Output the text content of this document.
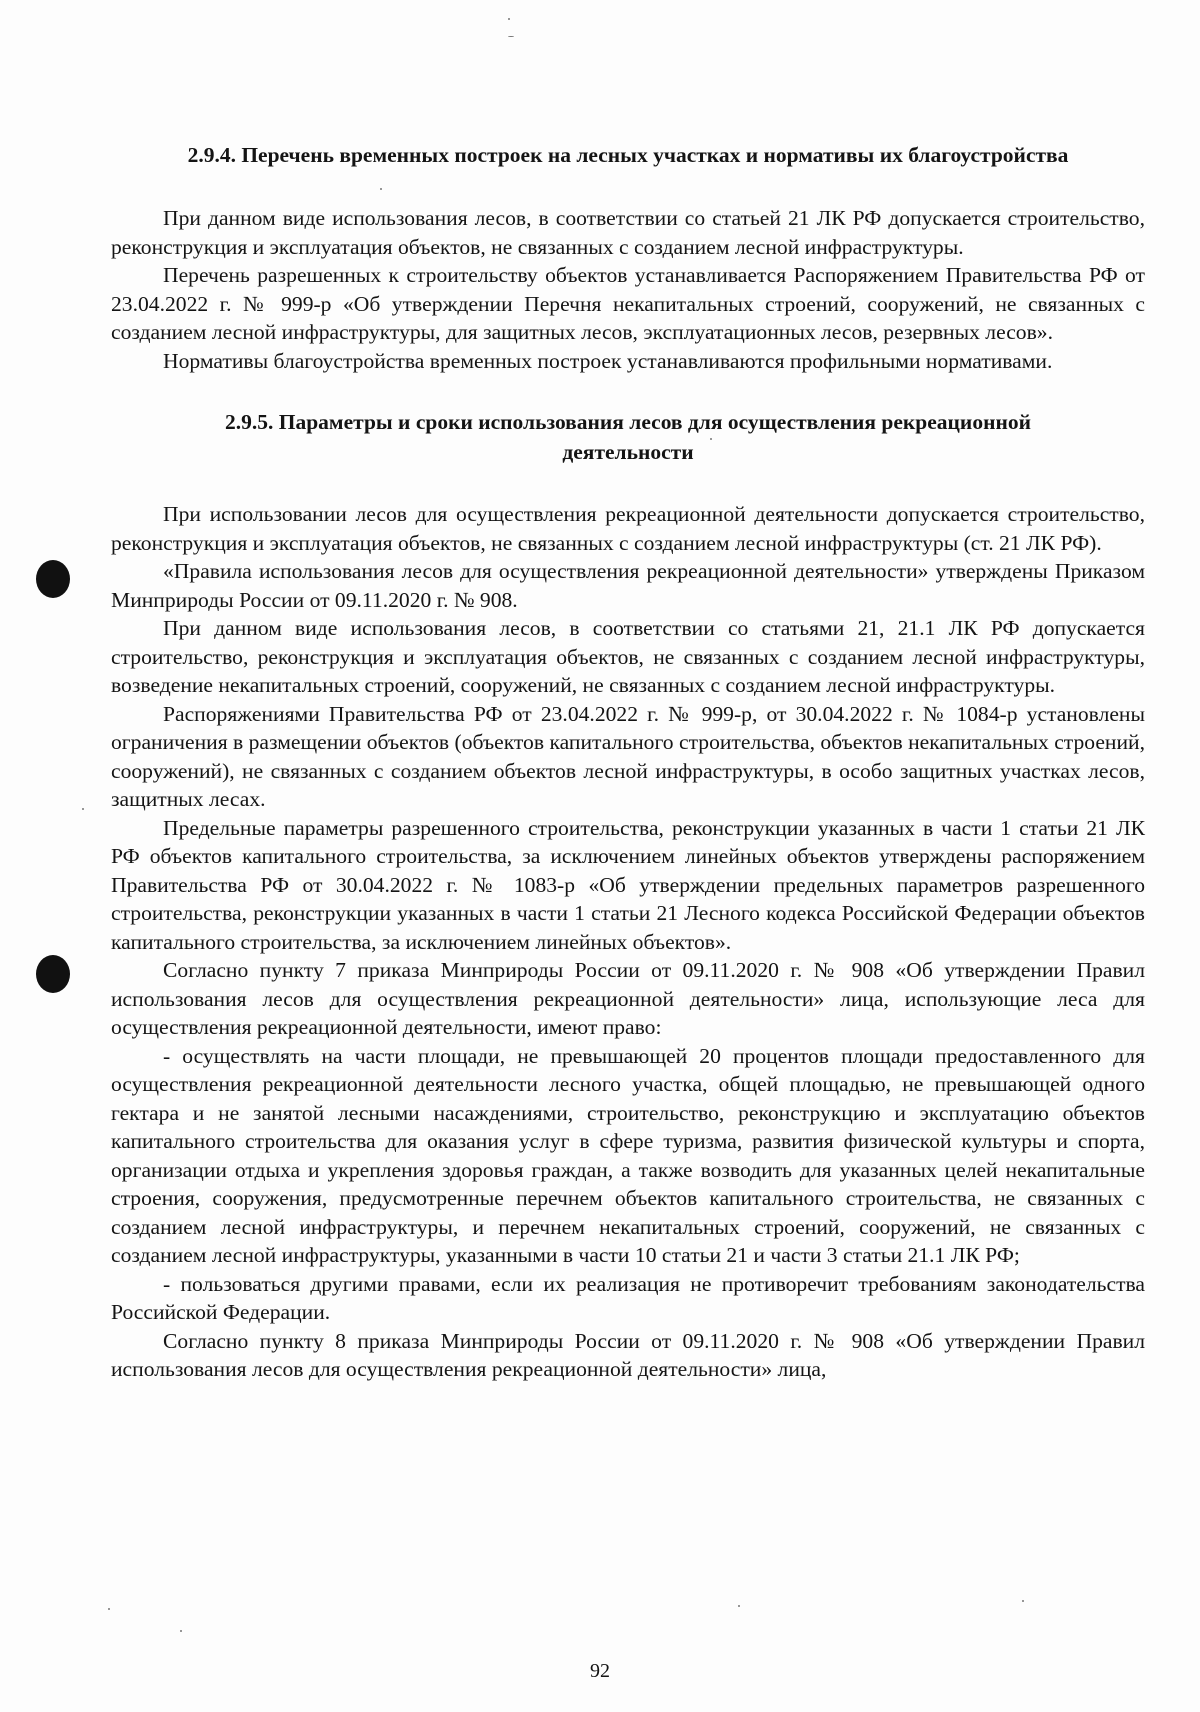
2.9.4. Перечень временных построек на лесных участках и нормативы их благоустройства

При данном виде использования лесов, в соответствии со статьей 21 ЛК РФ допускается строительство, реконструкция и эксплуатация объектов, не связанных с созданием лесной инфраструктуры.

Перечень разрешенных к строительству объектов устанавливается Распоряжением Правительства РФ от 23.04.2022 г. № 999-р «Об утверждении Перечня некапитальных строений, сооружений, не связанных с созданием лесной инфраструктуры, для защитных лесов, эксплуатационных лесов, резервных лесов».

Нормативы благоустройства временных построек устанавливаются профильными нормативами.

2.9.5. Параметры и сроки использования лесов для осуществления рекреационной деятельности

При использовании лесов для осуществления рекреационной деятельности допускается строительство, реконструкция и эксплуатация объектов, не связанных с созданием лесной инфраструктуры (ст. 21 ЛК РФ).

«Правила использования лесов для осуществления рекреационной деятельности» утверждены Приказом Минприроды России от 09.11.2020 г. № 908.

При данном виде использования лесов, в соответствии со статьями 21, 21.1 ЛК РФ допускается строительство, реконструкция и эксплуатация объектов, не связанных с созданием лесной инфраструктуры, возведение некапитальных строений, сооружений, не связанных с созданием лесной инфраструктуры.

Распоряжениями Правительства РФ от 23.04.2022 г. № 999-р, от 30.04.2022 г. № 1084-р установлены ограничения в размещении объектов (объектов капитального строительства, объектов некапитальных строений, сооружений), не связанных с созданием объектов лесной инфраструктуры, в особо защитных участках лесов, защитных лесах.

Предельные параметры разрешенного строительства, реконструкции указанных в части 1 статьи 21 ЛК РФ объектов капитального строительства, за исключением линейных объектов утверждены распоряжением Правительства РФ от 30.04.2022 г. № 1083-р «Об утверждении предельных параметров разрешенного строительства, реконструкции указанных в части 1 статьи 21 Лесного кодекса Российской Федерации объектов капитального строительства, за исключением линейных объектов».

Согласно пункту 7 приказа Минприроды России от 09.11.2020 г. № 908 «Об утверждении Правил использования лесов для осуществления рекреационной деятельности» лица, использующие леса для осуществления рекреационной деятельности, имеют право:

- осуществлять на части площади, не превышающей 20 процентов площади предоставленного для осуществления рекреационной деятельности лесного участка, общей площадью, не превышающей одного гектара и не занятой лесными насаждениями, строительство, реконструкцию и эксплуатацию объектов капитального строительства для оказания услуг в сфере туризма, развития физической культуры и спорта, организации отдыха и укрепления здоровья граждан, а также возводить для указанных целей некапитальные строения, сооружения, предусмотренные перечнем объектов капитального строительства, не связанных с созданием лесной инфраструктуры, и перечнем некапитальных строений, сооружений, не связанных с созданием лесной инфраструктуры, указанными в части 10 статьи 21 и части 3 статьи 21.1 ЛК РФ;

- пользоваться другими правами, если их реализация не противоречит требованиям законодательства Российской Федерации.

Согласно пункту 8 приказа Минприроды России от 09.11.2020 г. № 908 «Об утверждении Правил использования лесов для осуществления рекреационной деятельности» лица,

92
